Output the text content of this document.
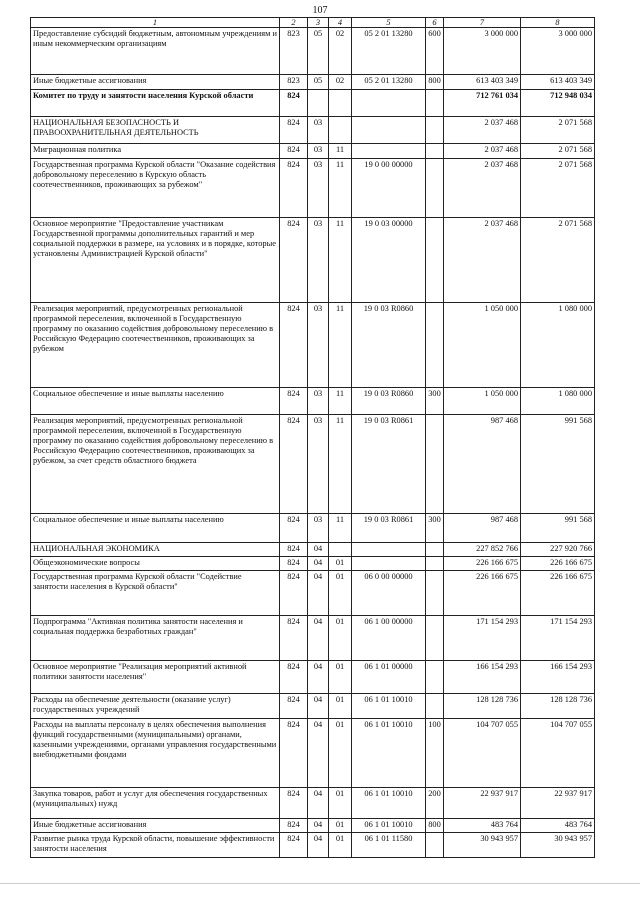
107
1	2	3	4	5	6	7	8
Предоставление субсидий бюджетным, автономным учреждениям и иным некоммерческим организациям	823	05	02	05 2 01 13280	600	3 000 000	3 000 000
Иные бюджетные ассигнования	823	05	02	05 2 01 13280	800	613 403 349	613 403 349
Комитет по труду и занятости населения Курской области	824					712 761 034	712 948 034
НАЦИОНАЛЬНАЯ БЕЗОПАСНОСТЬ И ПРАВООХРАНИТЕЛЬНАЯ ДЕЯТЕЛЬНОСТЬ	824	03				2 037 468	2 071 568
Миграционная политика	824	03	11			2 037 468	2 071 568
Государственная программа Курской области "Оказание содействия добровольному переселению в Курскую область соотечественников, проживающих за рубежом"	824	03	11	19 0 00 00000		2 037 468	2 071 568
Основное мероприятие "Предоставление участникам Государственной программы дополнительных гарантий и мер социальной поддержки в размере, на условиях и в порядке, которые установлены Администрацией Курской области"	824	03	11	19 0 03 00000		2 037 468	2 071 568
Реализация мероприятий, предусмотренных региональной программой переселения, включенной в Государственную программу по оказанию содействия добровольному переселению в Российскую Федерацию соотечественников, проживающих за рубежом	824	03	11	19 0 03 R0860		1 050 000	1 080 000
Социальное обеспечение и иные выплаты населению	824	03	11	19 0 03 R0860	300	1 050 000	1 080 000
Реализация мероприятий, предусмотренных региональной программой переселения, включенной в Государственную программу по оказанию содействия добровольному переселению в Российскую Федерацию соотечественников, проживающих за рубежом, за счет средств областного бюджета	824	03	11	19 0 03 R0861		987 468	991 568
Социальное обеспечение и иные выплаты населению	824	03	11	19 0 03 R0861	300	987 468	991 568
НАЦИОНАЛЬНАЯ ЭКОНОМИКА	824	04				227 852 766	227 920 766
Общеэкономические вопросы	824	04	01			226 166 675	226 166 675
Государственная программа Курской области "Содействие занятости населения в Курской области"	824	04	01	06 0 00 00000		226 166 675	226 166 675
Подпрограмма "Активная политика занятости населения и социальная поддержка безработных граждан"	824	04	01	06 1 00 00000		171 154 293	171 154 293
Основное мероприятие "Реализация мероприятий активной политики занятости населения"	824	04	01	06 1 01 00000		166 154 293	166 154 293
Расходы на обеспечение деятельности (оказание услуг) государственных учреждений	824	04	01	06 1 01 10010		128 128 736	128 128 736
Расходы на выплаты персоналу в целях обеспечения выполнения функций государственными (муниципальными) органами, казенными учреждениями, органами управления государственными внебюджетными фондами	824	04	01	06 1 01 10010	100	104 707 055	104 707 055
Закупка товаров, работ и услуг для обеспечения государственных (муниципальных) нужд	824	04	01	06 1 01 10010	200	22 937 917	22 937 917
Иные бюджетные ассигнования	824	04	01	06 1 01 10010	800	483 764	483 764
Развитие рынка труда Курской области, повышение эффективности занятости населения	824	04	01	06 1 01 11580		30 943 957	30 943 957
